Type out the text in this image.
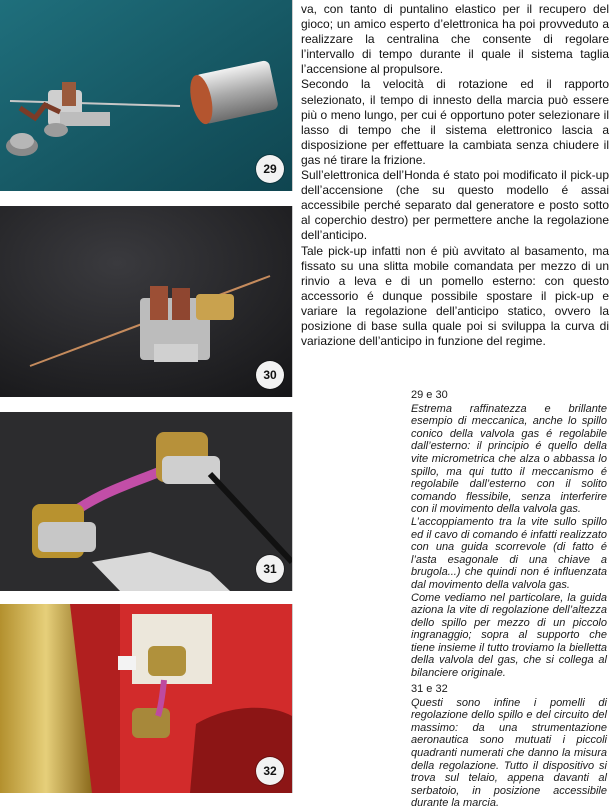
29
30
31
32

va, con tanto di puntalino elastico per il recupero del gioco; un amico esperto d’elettronica ha poi provveduto a realizzare la centralina che consente di regolare l’intervallo di tempo durante il quale il sistema taglia l’accensione al propulsore.

Secondo la velocità di rotazione ed il rapporto selezionato, il tempo di innesto della marcia può essere più o meno lungo, per cui é opportuno poter selezionare il lasso di tempo che il sistema elettronico lascia a disposizione per effettuare la cambiata senza chiudere il gas né tirare la frizione.

Sull’elettronica dell’Honda é stato poi modificato il pick-up dell’accensione (che su questo modello é assai accessibile perché separato dal generatore e posto sotto al coperchio destro) per permettere anche la regolazione dell’anticipo.

Tale pick-up infatti non é più avvitato al basamento, ma fissato su una slitta mobile comandata per mezzo di un rinvio a leva e di un pomello esterno: con questo accessorio é dunque possibile spostare il pick-up e variare la regolazione dell’anticipo statico, ovvero la posizione di base sulla quale poi si sviluppa la curva di variazione dell’anticipo in funzione del regime.

29 e 30

Estrema raffinatezza e brillante esempio di meccanica, anche lo spillo conico della valvola gas é regolabile dall’esterno: il principio é quello della vite micrometrica che alza o abbassa lo spillo, ma qui tutto il meccanismo é regolabile dall’esterno con il solito comando flessibile, senza interferire con il movimento della valvola gas.

L’accoppiamento tra la vite sullo spillo ed il cavo di comando é infatti realizzato con una guida scorrevole (di fatto é l’asta esagonale di una chiave a brugola...) che quindi non é influenzata dal movimento della valvola gas.

Come vediamo nel particolare, la guida aziona la vite di regolazione dell’altezza dello spillo per mezzo di un piccolo ingranaggio; sopra al supporto che tiene insieme il tutto troviamo la bielletta della valvola del gas, che si collega al bilanciere originale.

31 e 32

Questi sono infine i pomelli di regolazione dello spillo e del circuito del massimo: da una strumentazione aeronautica sono mutuati i piccoli quadranti numerati che danno la misura della regolazione. Tutto il dispositivo si trova sul telaio, appena davanti al serbatoio, in posizione accessibile durante la marcia.
